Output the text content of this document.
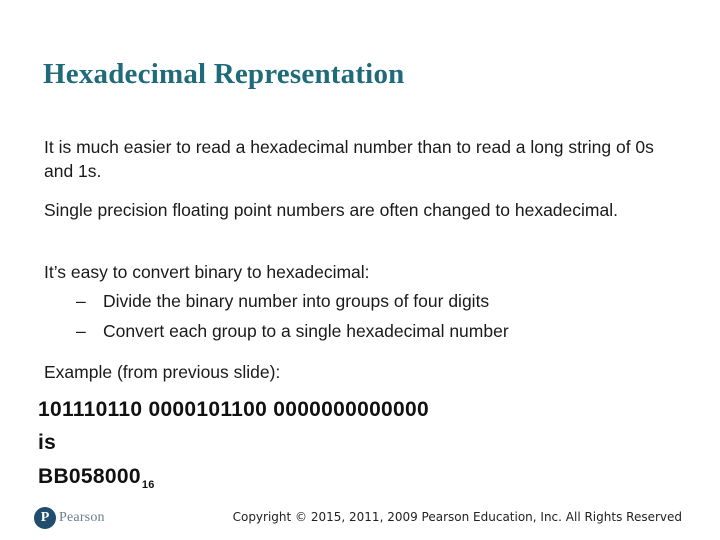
Hexadecimal Representation
It is much easier to read a hexadecimal number than to read a long string of 0s and 1s.
Single precision floating point numbers are often changed to hexadecimal.
It’s easy to convert binary to hexadecimal:
– Divide the binary number into groups of four digits
– Convert each group to a single hexadecimal number
Example (from previous slide):
101110110 0000101100 0000000000000
is
$BB058000_{16}$
P Pearson	Copyright © 2015, 2011, 2009 Pearson Education, Inc. All Rights Reserved
